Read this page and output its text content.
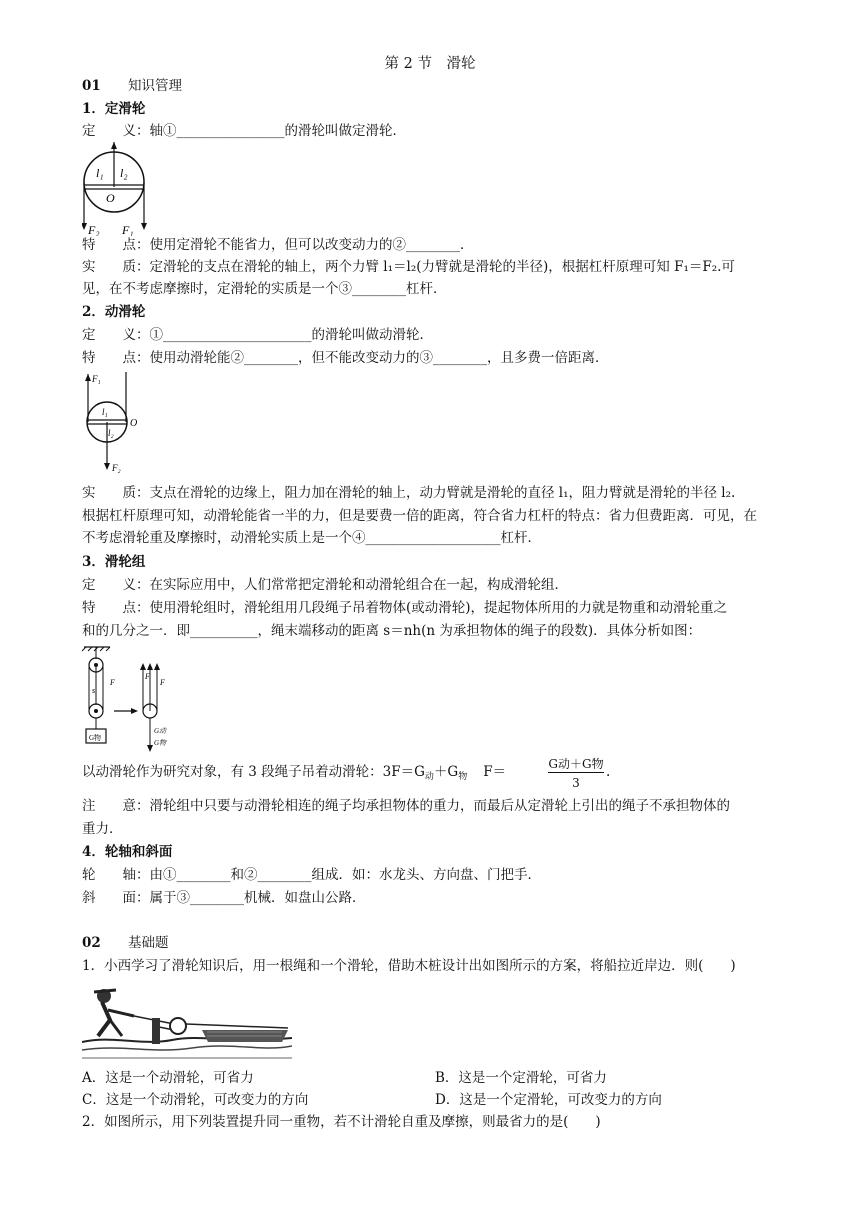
第 2 节　滑轮
01 知识管理
1．定滑轮
定　　义：轴①________________的滑轮叫做定滑轮．
l₁ l₂
O
F₂ F₁
特　　点：使用定滑轮不能省力，但可以改变动力的②________．
实　　质：定滑轮的支点在滑轮的轴上，两个力臂 l₁＝l₂(力臂就是滑轮的半径)，根据杠杆原理可知 F₁＝F₂.可
见，在不考虑摩擦时，定滑轮的实质是一个③________杠杆．
2．动滑轮
定　　义：①______________________的滑轮叫做动滑轮．
特　　点：使用动滑轮能②________，但不能改变动力的③________，且多费一倍距离．
F₁
l₁
l₂
O
F₂
实　　质：支点在滑轮的边缘上，阻力加在滑轮的轴上，动力臂就是滑轮的直径 l₁，阻力臂就是滑轮的半径 l₂.
根据杠杆原理可知，动滑轮能省一半的力，但是要费一倍的距离，符合省力杠杆的特点：省力但费距离．可见，在
不考虑滑轮重及摩擦时，动滑轮实质上是一个④____________________杠杆．
3．滑轮组
定　　义：在实际应用中，人们常常把定滑轮和动滑轮组合在一起，构成滑轮组．
特　　点：使用滑轮组时，滑轮组用几段绳子吊着物体(或动滑轮)，提起物体所用的力就是物重和动滑轮重之
和的几分之一．即__________，绳末端移动的距离 s＝nh(n 为承担物体的绳子的段数)．具体分析如图：
G物
s
F
F
F
G动
G物
以动滑轮作为研究对象，有 3 段绳子吊着动滑轮：$3F=G_动+G_物$ F＝	G动＋G物
3
.
注　　意：滑轮组中只要与动滑轮相连的绳子均承担物体的重力，而最后从定滑轮上引出的绳子不承担物体的
重力．
4．轮轴和斜面
轮　　轴：由①________和②________组成．如：水龙头、方向盘、门把手．
斜　　面：属于③________机械．如盘山公路．
02 基础题
1．小西学习了滑轮知识后，用一根绳和一个滑轮，借助木桩设计出如图所示的方案，将船拉近岸边．则(　　)
A．这是一个动滑轮，可省力	B．这是一个定滑轮，可省力
C．这是一个动滑轮，可改变力的方向	D．这是一个定滑轮，可改变力的方向
2．如图所示，用下列装置提升同一重物，若不计滑轮自重及摩擦，则最省力的是(　　)
